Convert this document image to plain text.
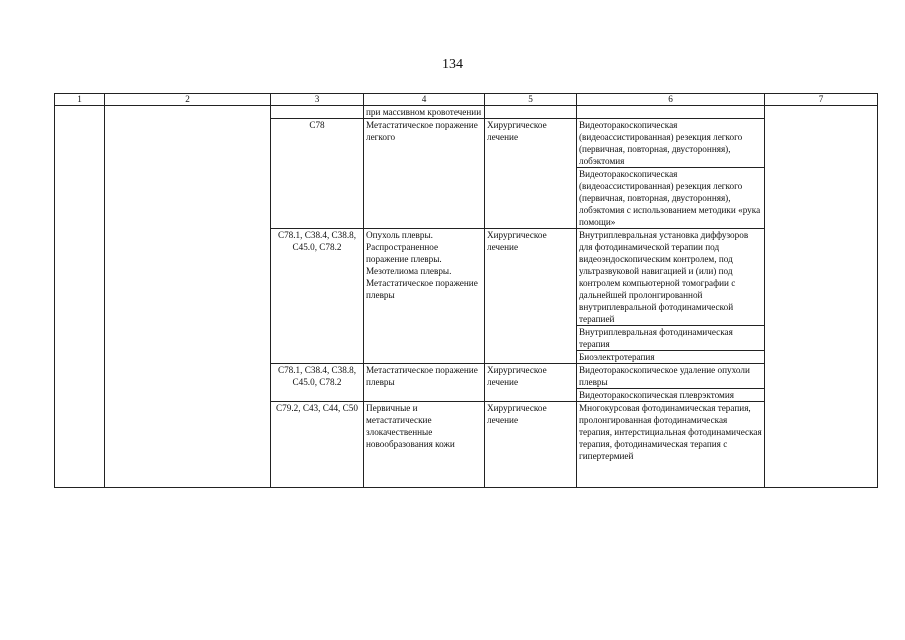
134
1	2	3	4	5	6	7
			при массивном кровотечении			
		C78	Метастатическое поражение легкого	Хирургическое лечение	Видеоторакоскопическая (видеоассистированная) резекция легкого (первичная, повторная, двусторонняя), лобэктомия	
					Видеоторакоскопическая (видеоассистированная) резекция легкого (первичная, повторная, двусторонняя), лобэктомия с использованием методики «рука помощи»	
		C78.1, C38.4, C38.8, C45.0, C78.2	Опухоль плевры. Распространенное поражение плевры. Мезотелиома плевры. Метастатическое поражение плевры	Хирургическое лечение	Внутриплевральная установка диффузоров для фотодинамической терапии под видеоэндоскопическим контролем, под ультразвуковой навигацией и (или) под контролем компьютерной томографии с дальнейшей пролонгированной внутриплевральной фотодинамической терапией	
					Внутриплевральная фотодинамическая терапия	
					Биоэлектротерапия	
		C78.1, C38.4, C38.8, C45.0, C78.2	Метастатическое поражение плевры	Хирургическое лечение	Видеоторакоскопическое удаление опухоли плевры	
					Видеоторакоскопическая плеврэктомия	
		C79.2, C43, C44, C50	Первичные и метастатические злокачественные новообразования кожи	Хирургическое лечение	Многокурсовая фотодинамическая терапия, пролонгированная фотодинамическая терапия, интерстициальная фотодинамическая терапия, фотодинамическая терапия с гипертермией	
